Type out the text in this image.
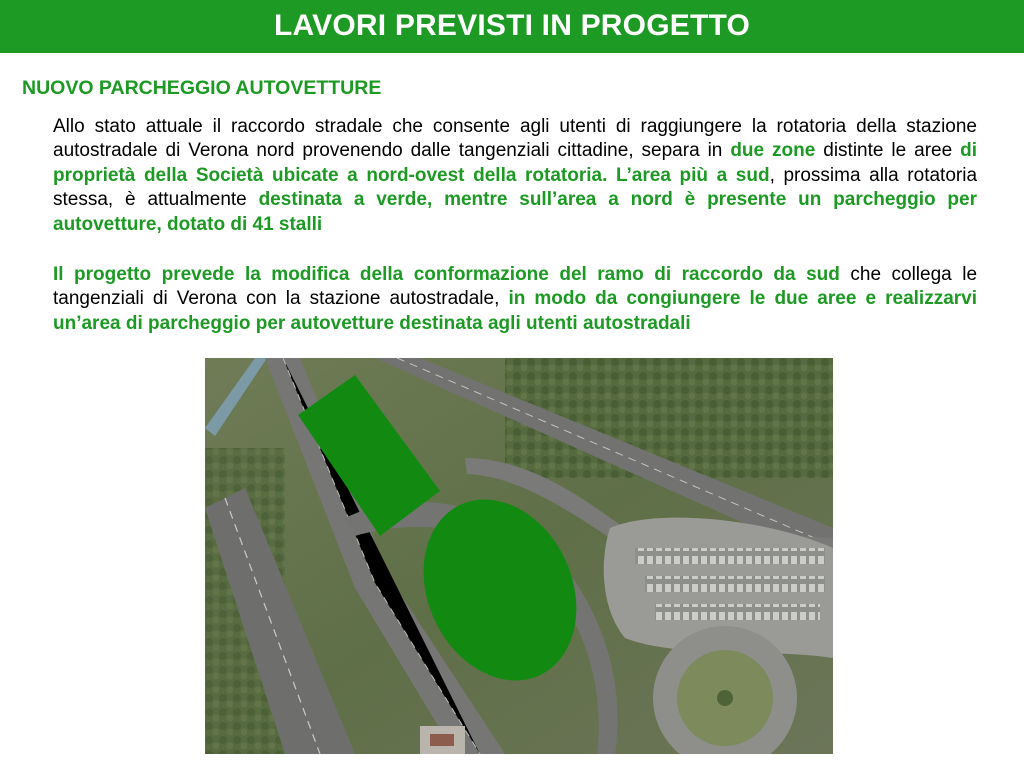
LAVORI PREVISTI IN PROGETTO
NUOVO PARCHEGGIO AUTOVETTURE
Allo stato attuale il raccordo stradale che consente agli utenti di raggiungere la rotatoria della stazione autostradale di Verona nord provenendo dalle tangenziali cittadine, separa in due zone distinte le aree di proprietà della Società ubicate a nord-ovest della rotatoria. L’area più a sud, prossima alla rotatoria stessa, è attualmente destinata a verde, mentre sull’area a nord è presente un parcheggio per autovetture, dotato di 41 stalli
Il progetto prevede la modifica della conformazione del ramo di raccordo da sud che collega le tangenziali di Verona con la stazione autostradale, in modo da congiungere le due aree e realizzarvi un’area di parcheggio per autovetture destinata agli utenti autostradali
